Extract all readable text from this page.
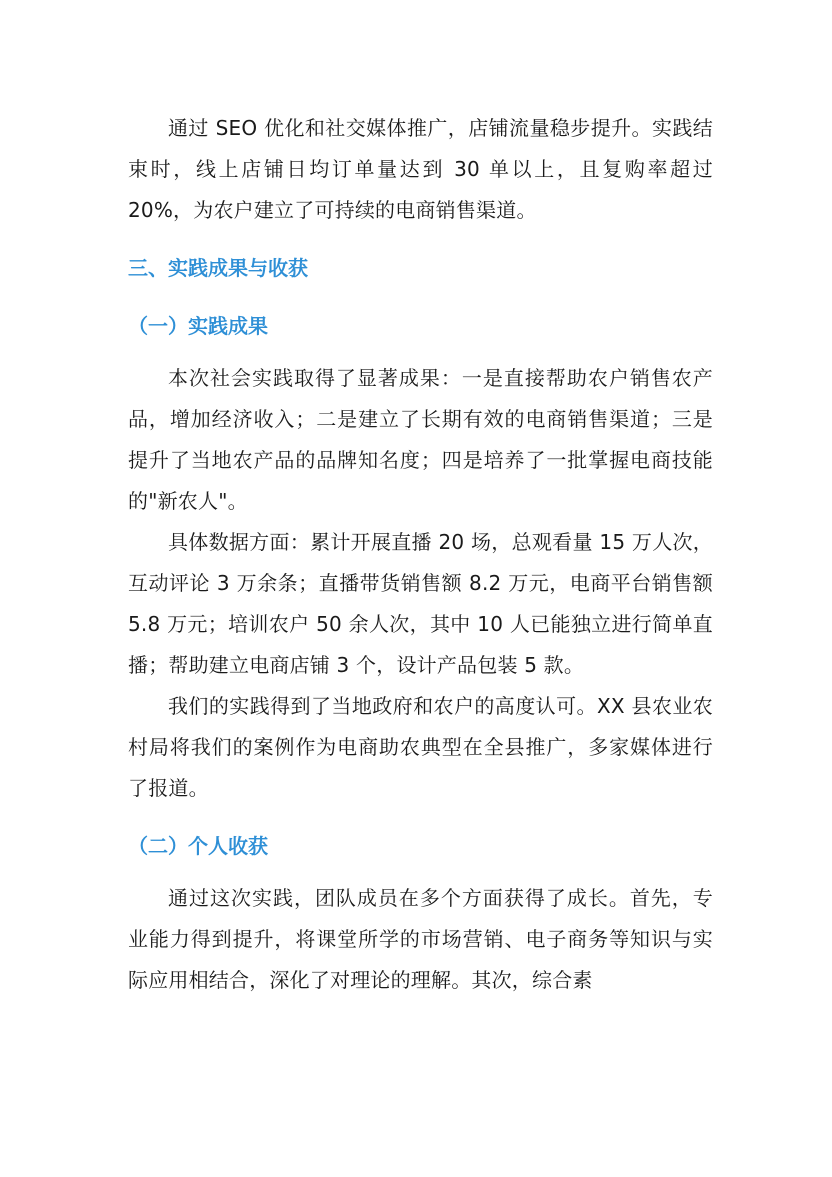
通过 SEO 优化和社交媒体推广，店铺流量稳步提升。实践结束时，线上店铺日均订单量达到 30 单以上，且复购率超过 20%，为农户建立了可持续的电商销售渠道。

三、实践成果与收获
（一）实践成果

本次社会实践取得了显著成果：一是直接帮助农户销售农产品，增加经济收入；二是建立了长期有效的电商销售渠道；三是提升了当地农产品的品牌知名度；四是培养了一批掌握电商技能的"新农人"。

具体数据方面：累计开展直播 20 场，总观看量 15 万人次，互动评论 3 万余条；直播带货销售额 8.2 万元，电商平台销售额 5.8 万元；培训农户 50 余人次，其中 10 人已能独立进行简单直播；帮助建立电商店铺 3 个，设计产品包装 5 款。

我们的实践得到了当地政府和农户的高度认可。XX 县农业农村局将我们的案例作为电商助农典型在全县推广，多家媒体进行了报道。

（二）个人收获

通过这次实践，团队成员在多个方面获得了成长。首先，专业能力得到提升，将课堂所学的市场营销、电子商务等知识与实际应用相结合，深化了对理论的理解。其次，综合素
